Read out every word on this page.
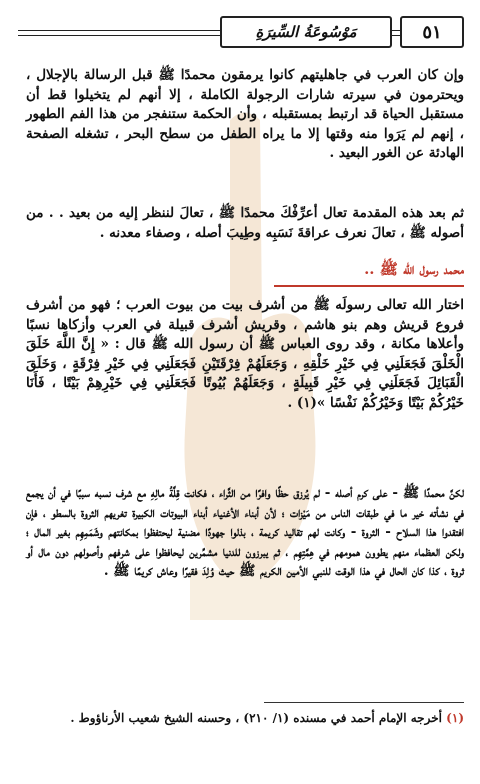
٥١
مَوْسُوعَةُ السِّيرَةِ
وإن كان العرب في جاهليتهم كانوا يرمقون محمدًا ﷺ قبل الرسالة بالإجلال ، ويحترمون في سيرته شارات الرجولة الكاملة ، إلا أنهم لم يتخيلوا قط أن مستقبل الحياة قد ارتبط بمستقبله ، وأن الحكمة ستنفجر من هذا الفم الطهور ، إنهم لم يَرَوا منه وقتها إلا ما يراه الطفل من سطح البحر ، تشغله الصفحة الهادئة عن الغور البعيد .
ثم بعد هذه المقدمة تعال أعرِّفْكَ محمدًا ﷺ ، تعالَ لننظر إليه من بعيد . . من أصوله ﷺ ، تعالَ نعرف عراقةَ نَسَبِه وطِيبَ أصله ، وصفاء معدنه .
محمد رسول الله ﷺ ..
اختار الله تعالى رسولَه ﷺ من أشرف بيت من بيوت العرب ؛ فهو من أشرف فروع قريش وهم بنو هاشم ، وقريش أشرف قبيلة في العرب وأزكاها نسبًا وأعلاها مكانة ، وقد روى العباس ﷺ أن رسول الله ﷺ قال : « إِنَّ اللَّهَ خَلَقَ الْخَلْقَ فَجَعَلَنِي فِي خَيْرِ خَلْقِهِ ، وَجَعَلَهُمْ فِرْقَتَيْنِ فَجَعَلَنِي فِي خَيْرِ فِرْقَةٍ ، وَخَلَقَ الْقَبَائِلَ فَجَعَلَنِي فِي خَيْرِ قَبِيلَةٍ ، وَجَعَلَهُمْ بُيُوتًا فَجَعَلَنِي فِي خَيْرِهِمْ بَيْتًا ، فَأَنَا خَيْرُكُمْ بَيْتًا وَخَيْرُكُمْ نَفْسًا »(١) .
لكنَّ محمدًا ﷺ - على كرم أصله - لم يُرزق حظًا وافرًا من الثَّراء ، فكانت قِلَّةُ مالِهِ مع شرف نسبه سببًا في أن يجمع في نشأته خير ما في طبقات الناس من مَيْزات ؛ لأن أبناء الأغنياء أبناء البيوتات الكبيرة تغريهم الثروة بالسطو ، فإن افتقدوا هذا السلاح - الثروة - وكانت لهم تقاليد كريمة ، بذلوا جهودًا مضنية ليحتفظوا بمكانتهم وشَمَمِهِم بغير المال ؛ ولكن العظماء منهم يطوون همومهم في هِمَّتِهِم ، ثم يبرزون للدنيا مشمِّرين ليحافظوا على شرفهم وأصولهم دون مال أو ثروة ، كذا كان الحال في هذا الوقت للنبي الأمين الكريم ﷺ حيث وُلِدَ فقيرًا وعاش كريمًا ﷺ .
(١) أخرجه الإمام أحمد في مسنده (١/ ٢١٠) ، وحسنه الشيخ شعيب الأرناؤوط .
